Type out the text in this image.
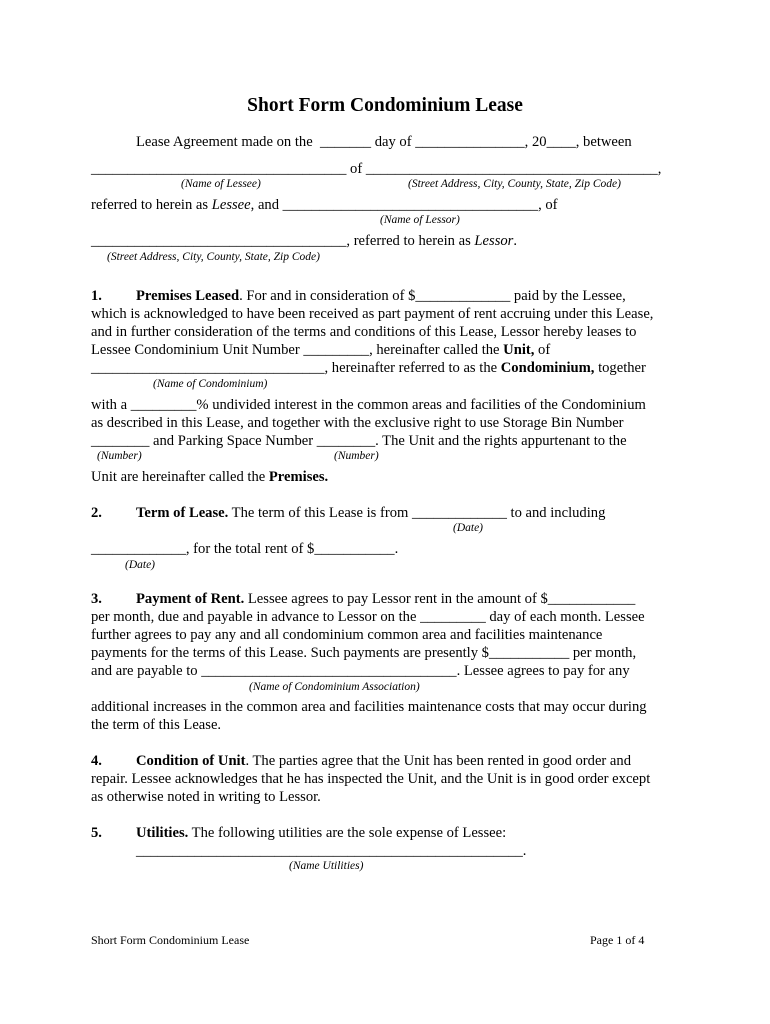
Short Form Condominium Lease
Lease Agreement made on the  _______ day of _______________, 20____, between
___________________________________ of ________________________________________,
(Name of Lessee)	(Street Address, City, County, State, Zip Code)
referred to herein as Lessee, and ___________________________________, of
(Name of Lessor)
___________________________________, referred to herein as Lessor.
(Street Address, City, County, State, Zip Code)
1. Premises Leased. For and in consideration of $_____________ paid by the Lessee,
which is acknowledged to have been received as part payment of rent accruing under this Lease,
and in further consideration of the terms and conditions of this Lease, Lessor hereby leases to
Lessee Condominium Unit Number _________, hereinafter called the Unit, of
________________________________, hereinafter referred to as the Condominium, together
(Name of Condominium)
with a _________% undivided interest in the common areas and facilities of the Condominium
as described in this Lease, and together with the exclusive right to use Storage Bin Number
________ and Parking Space Number ________. The Unit and the rights appurtenant to the
(Number)	(Number)
Unit are hereinafter called the Premises.
2. Term of Lease. The term of this Lease is from _____________ to and including
(Date)
_____________, for the total rent of $___________.
(Date)
3. Payment of Rent. Lessee agrees to pay Lessor rent in the amount of $____________
per month, due and payable in advance to Lessor on the _________ day of each month. Lessee
further agrees to pay any and all condominium common area and facilities maintenance
payments for the terms of this Lease. Such payments are presently $___________ per month,
and are payable to ___________________________________. Lessee agrees to pay for any
(Name of Condominium Association)
additional increases in the common area and facilities maintenance costs that may occur during
the term of this Lease.
4. Condition of Unit. The parties agree that the Unit has been rented in good order and
repair. Lessee acknowledges that he has inspected the Unit, and the Unit is in good order except
as otherwise noted in writing to Lessor.
5. Utilities. The following utilities are the sole expense of Lessee:
_____________________________________________________.
(Name Utilities)
Short Form Condominium Lease	Page 1 of 4
